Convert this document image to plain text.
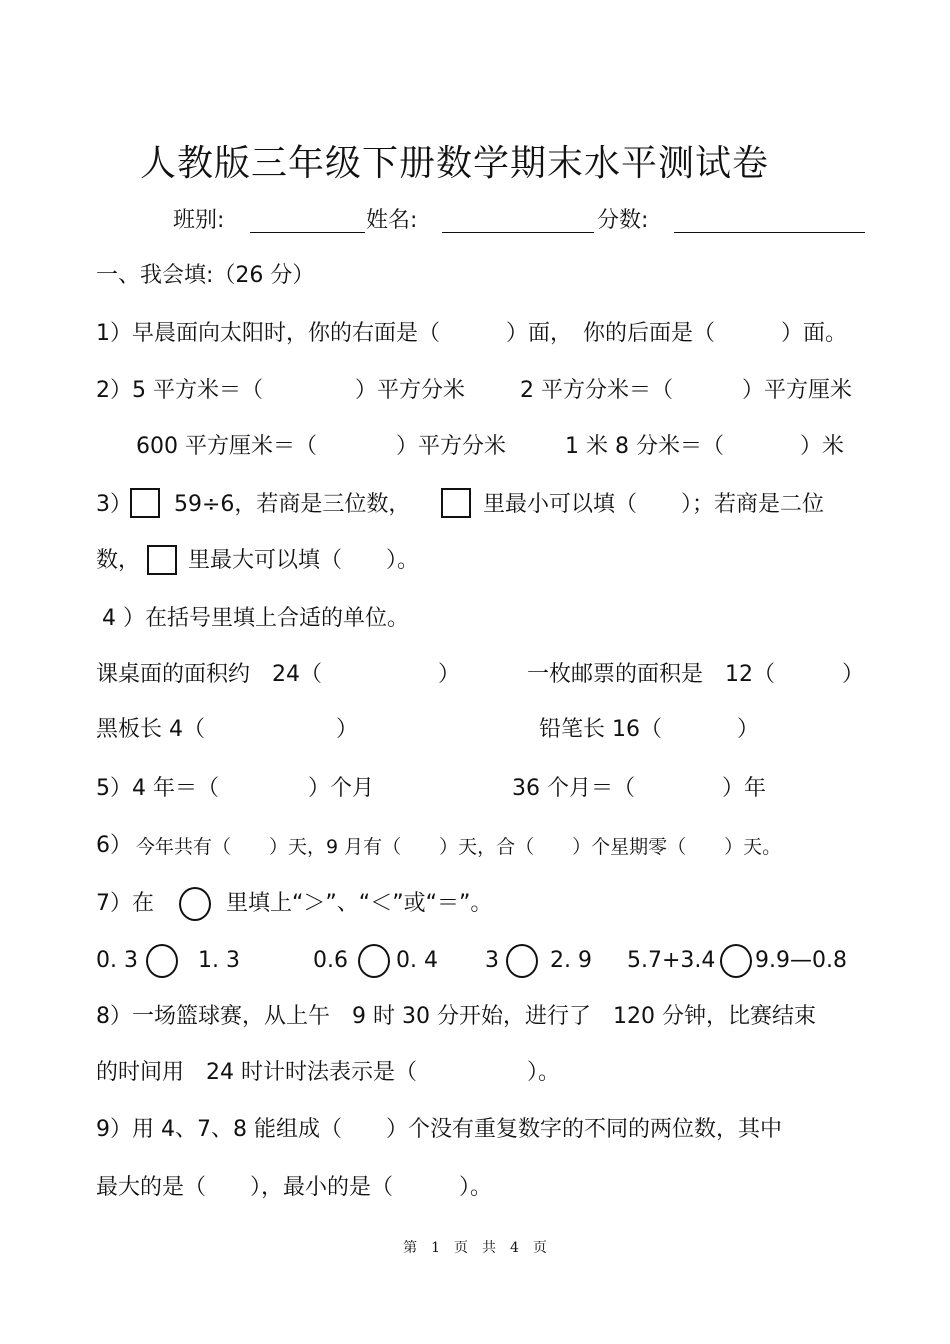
人教版三年级下册数学期末水平测试卷
班别:	姓名:	分数:
一、我会填:（26 分）
1）早晨面向太阳时，你的右面是（　　　）面，　你的后面是（　　　）面。
2）5 平方米＝（	）平方分米 2 平方分米＝（	）平方厘米
600 平方厘米＝（	）平方分米	1 米 8 分米＝（	）米
3） 59÷6，若商是三位数，	里最小可以填（　　）；若商是二位
数， 里最大可以填（　　）。
4 ）在括号里填上合适的单位。
课桌面的面积约　24（	）	一枚邮票的面积是　12（	）
黑板长 4（	）	铅笔长 16（	）
5）4 年＝（	）个月	36 个月＝（	）年
6） 今年共有（　　）天，9 月有（　　）天，合（　　）个星期零（　　）天。
7）在	里填上“＞”、“＜”或“＝”。
0. 3	1. 3	0.6 0. 4 3 2. 9 5.7+3.4 9.9—0.8
8）一场篮球赛，从上午　9 时 30 分开始，进行了　120 分钟，比赛结束
的时间用　24 时计时法表示是（　　　　　）。
9）用 4、7、8 能组成（　　）个没有重复数字的不同的两位数，其中
最大的是（　　），最小的是（　　　）。
第　1　页　共　4　页
